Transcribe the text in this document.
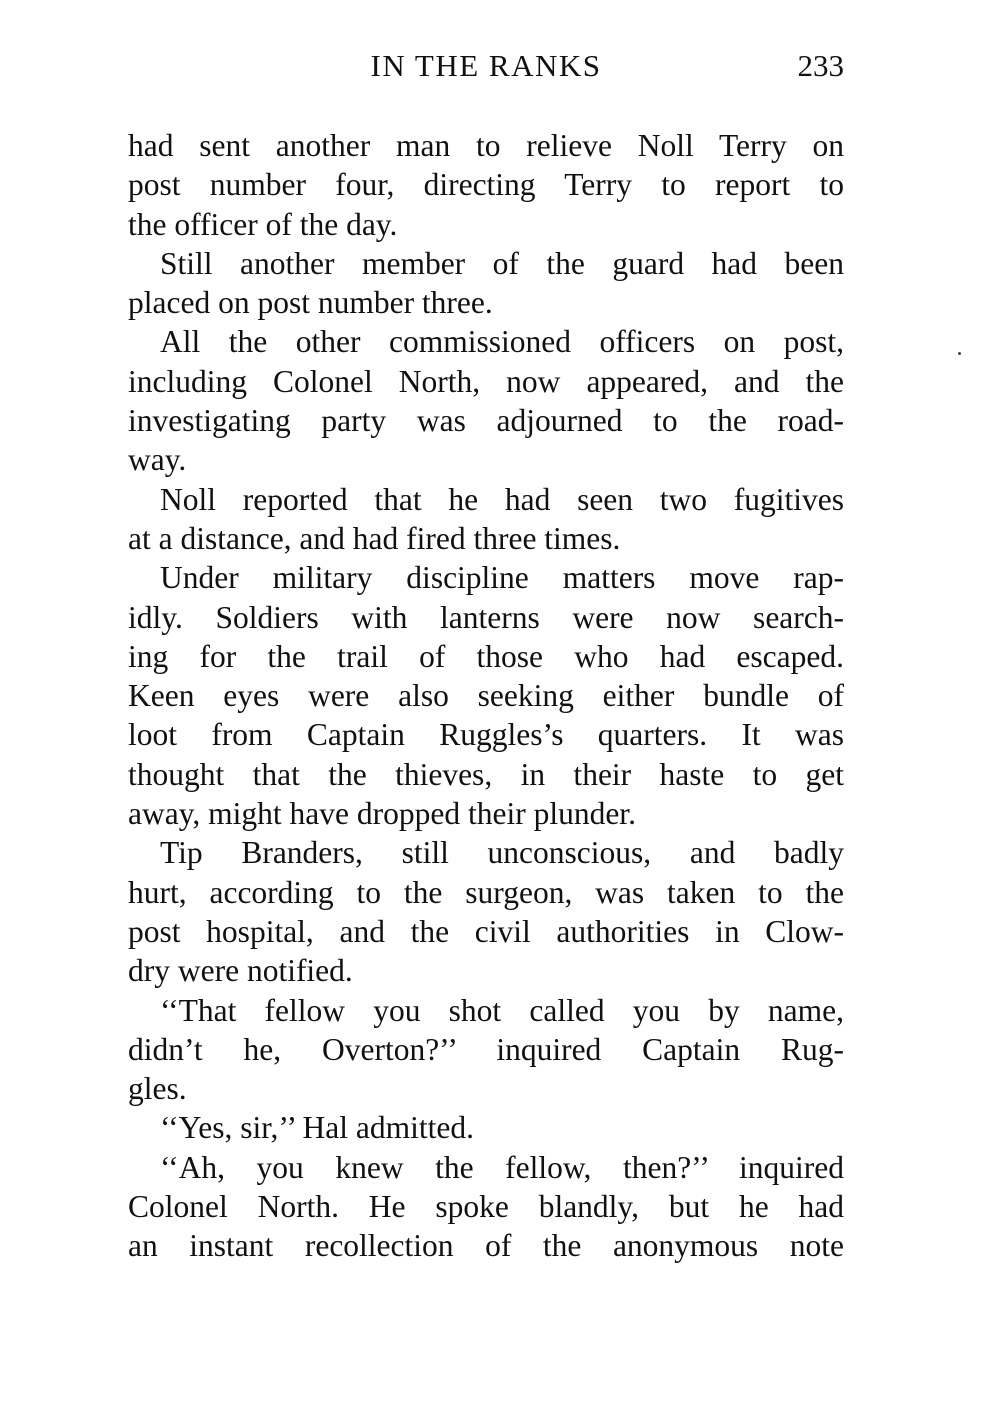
IN THE RANKS	233
had sent another man to relieve Noll Terry on
post number four, directing Terry to report to
the officer of the day.
Still another member of the guard had been
placed on post number three.
All the other commissioned officers on post,
including Colonel North, now appeared, and the
investigating party was adjourned to the road-
way.
Noll reported that he had seen two fugitives
at a distance, and had fired three times.
Under military discipline matters move rap-
idly. Soldiers with lanterns were now search-
ing for the trail of those who had escaped.
Keen eyes were also seeking either bundle of
loot from Captain Ruggles’s quarters. It was
thought that the thieves, in their haste to get
away, might have dropped their plunder.
Tip Branders, still unconscious, and badly
hurt, according to the surgeon, was taken to the
post hospital, and the civil authorities in Clow-
dry were notified.
‘‘That fellow you shot called you by name,
didn’t he, Overton?’’ inquired Captain Rug-
gles.
‘‘Yes, sir,’’ Hal admitted.
‘‘Ah, you knew the fellow, then?’’ inquired
Colonel North. He spoke blandly, but he had
an instant recollection of the anonymous note
